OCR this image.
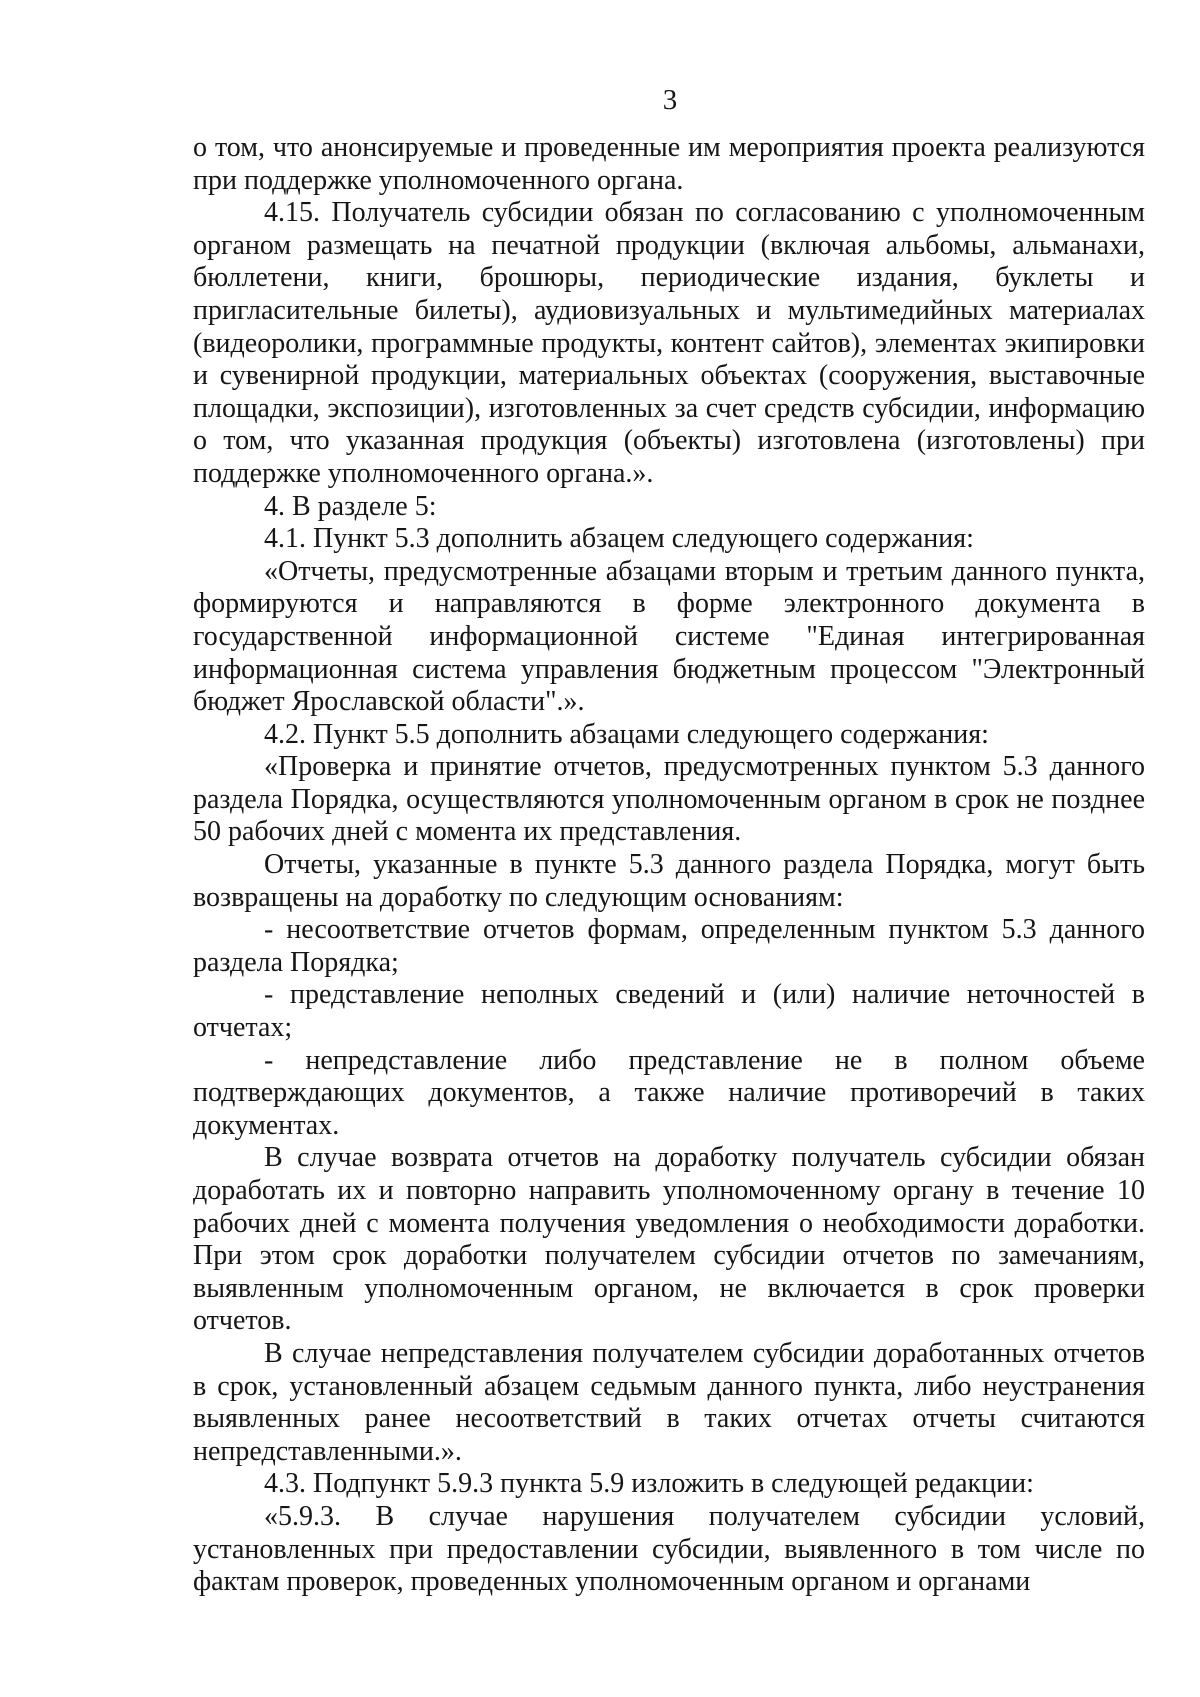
3

о том, что анонсируемые и проведенные им мероприятия проекта реализуются при поддержке уполномоченного органа.

4.15. Получатель субсидии обязан по согласованию с уполномоченным органом размещать на печатной продукции (включая альбомы, альманахи, бюллетени, книги, брошюры, периодические издания, буклеты и пригласительные билеты), аудиовизуальных и мультимедийных материалах (видеоролики, программные продукты, контент сайтов), элементах экипировки и сувенирной продукции, материальных объектах (сооружения, выставочные площадки, экспозиции), изготовленных за счет средств субсидии, информацию о том, что указанная продукция (объекты) изготовлена (изготовлены) при поддержке уполномоченного органа.».

4. В разделе 5:

4.1. Пункт 5.3 дополнить абзацем следующего содержания:

«Отчеты, предусмотренные абзацами вторым и третьим данного пункта, формируются и направляются в форме электронного документа в государственной информационной системе "Единая интегрированная информационная система управления бюджетным процессом "Электронный бюджет Ярославской области".».

4.2. Пункт 5.5 дополнить абзацами следующего содержания:

«Проверка и принятие отчетов, предусмотренных пунктом 5.3 данного раздела Порядка, осуществляются уполномоченным органом в срок не позднее 50 рабочих дней с момента их представления.

Отчеты, указанные в пункте 5.3 данного раздела Порядка, могут быть возвращены на доработку по следующим основаниям:

- несоответствие отчетов формам, определенным пунктом 5.3 данного раздела Порядка;

- представление неполных сведений и (или) наличие неточностей в отчетах;

- непредставление либо представление не в полном объеме подтверждающих документов, а также наличие противоречий в таких документах.

В случае возврата отчетов на доработку получатель субсидии обязан доработать их и повторно направить уполномоченному органу в течение 10 рабочих дней с момента получения уведомления о необходимости доработки. При этом срок доработки получателем субсидии отчетов по замечаниям, выявленным уполномоченным органом, не включается в срок проверки отчетов.

В случае непредставления получателем субсидии доработанных отчетов в срок, установленный абзацем седьмым данного пункта, либо неустранения выявленных ранее несоответствий в таких отчетах отчеты считаются непредставленными.».

4.3. Подпункт 5.9.3 пункта 5.9 изложить в следующей редакции:

«5.9.3. В случае нарушения получателем субсидии условий, установленных при предоставлении субсидии, выявленного в том числе по фактам проверок, проведенных уполномоченным органом и органами
